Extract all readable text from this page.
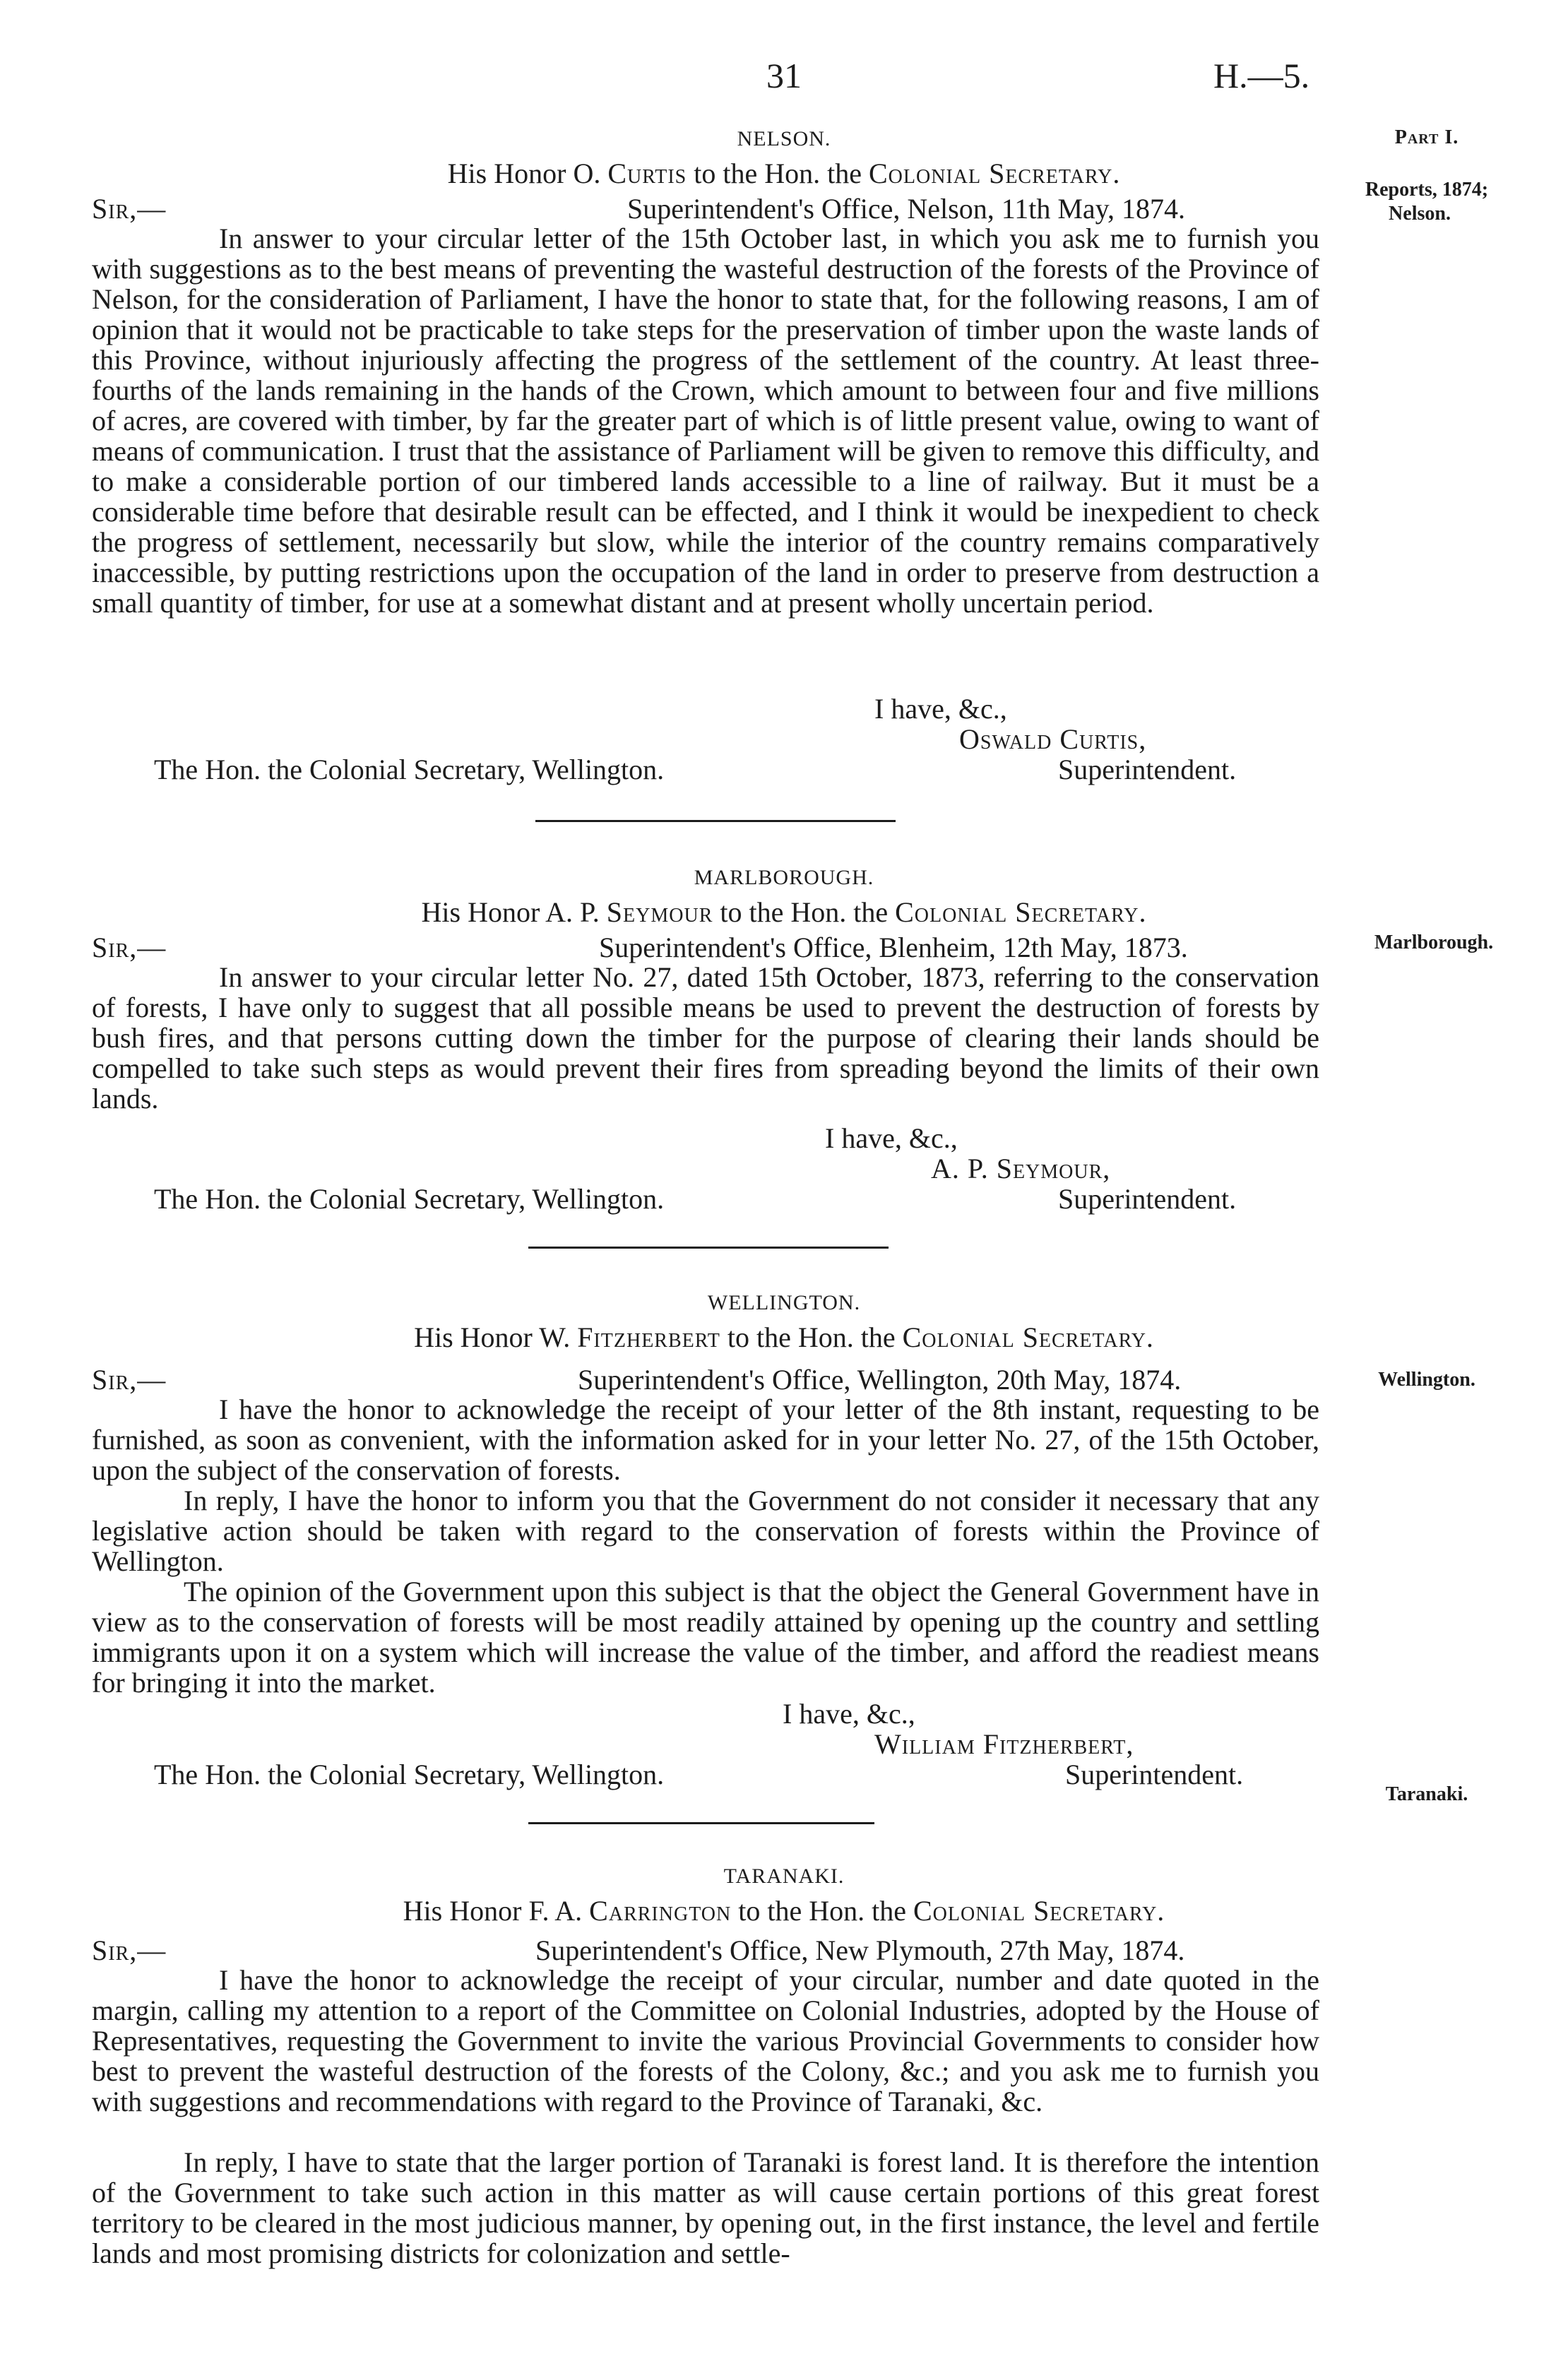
31	H.—5.
Part I.
Reports, 1874;
Nelson.
Marlborough.
Wellington.
Taranaki.
NELSON.
His Honor O. Curtis to the Hon. the Colonial Secretary.
Sir,—	Superintendent's Office, Nelson, 11th May, 1874.

In answer to your circular letter of the 15th October last, in which you ask me to furnish you with suggestions as to the best means of preventing the wasteful destruction of the forests of the Province of Nelson, for the consideration of Parliament, I have the honor to state that, for the following reasons, I am of opinion that it would not be practicable to take steps for the preservation of timber upon the waste lands of this Province, without injuriously affecting the progress of the settlement of the country. At least three-fourths of the lands remaining in the hands of the Crown, which amount to between four and five millions of acres, are covered with timber, by far the greater part of which is of little present value, owing to want of means of communication. I trust that the assistance of Parliament will be given to remove this difficulty, and to make a considerable portion of our timbered lands accessible to a line of railway. But it must be a considerable time before that desirable result can be effected, and I think it would be inexpedient to check the progress of settlement, necessarily but slow, while the interior of the country remains comparatively inaccessible, by putting restrictions upon the occupation of the land in order to preserve from destruction a small quantity of timber, for use at a somewhat distant and at present wholly uncertain period.

I have, &c.,
Oswald Curtis,
The Hon. the Colonial Secretary, Wellington.	Superintendent.
MARLBOROUGH.
His Honor A. P. Seymour to the Hon. the Colonial Secretary.
Sir,—	Superintendent's Office, Blenheim, 12th May, 1873.

In answer to your circular letter No. 27, dated 15th October, 1873, referring to the conservation of forests, I have only to suggest that all possible means be used to prevent the destruction of forests by bush fires, and that persons cutting down the timber for the purpose of clearing their lands should be compelled to take such steps as would prevent their fires from spreading beyond the limits of their own lands.

I have, &c.,
A. P. Seymour,
The Hon. the Colonial Secretary, Wellington.	Superintendent.
WELLINGTON.
His Honor W. Fitzherbert to the Hon. the Colonial Secretary.
Sir,—	Superintendent's Office, Wellington, 20th May, 1874.

I have the honor to acknowledge the receipt of your letter of the 8th instant, requesting to be furnished, as soon as convenient, with the information asked for in your letter No. 27, of the 15th October, upon the subject of the conservation of forests.

In reply, I have the honor to inform you that the Government do not consider it necessary that any legislative action should be taken with regard to the conservation of forests within the Province of Wellington.

The opinion of the Government upon this subject is that the object the General Government have in view as to the conservation of forests will be most readily attained by opening up the country and settling immigrants upon it on a system which will increase the value of the timber, and afford the readiest means for bringing it into the market.

I have, &c.,
William Fitzherbert,
The Hon. the Colonial Secretary, Wellington.	Superintendent.
TARANAKI.
His Honor F. A. Carrington to the Hon. the Colonial Secretary.
Sir,—	Superintendent's Office, New Plymouth, 27th May, 1874.

I have the honor to acknowledge the receipt of your circular, number and date quoted in the margin, calling my attention to a report of the Committee on Colonial Industries, adopted by the House of Representatives, requesting the Government to invite the various Provincial Governments to consider how best to prevent the wasteful destruction of the forests of the Colony, &c.; and you ask me to furnish you with suggestions and recommendations with regard to the Province of Taranaki, &c.

In reply, I have to state that the larger portion of Taranaki is forest land. It is therefore the intention of the Government to take such action in this matter as will cause certain portions of this great forest territory to be cleared in the most judicious manner, by opening out, in the first instance, the level and fertile lands and most promising districts for colonization and settle-
